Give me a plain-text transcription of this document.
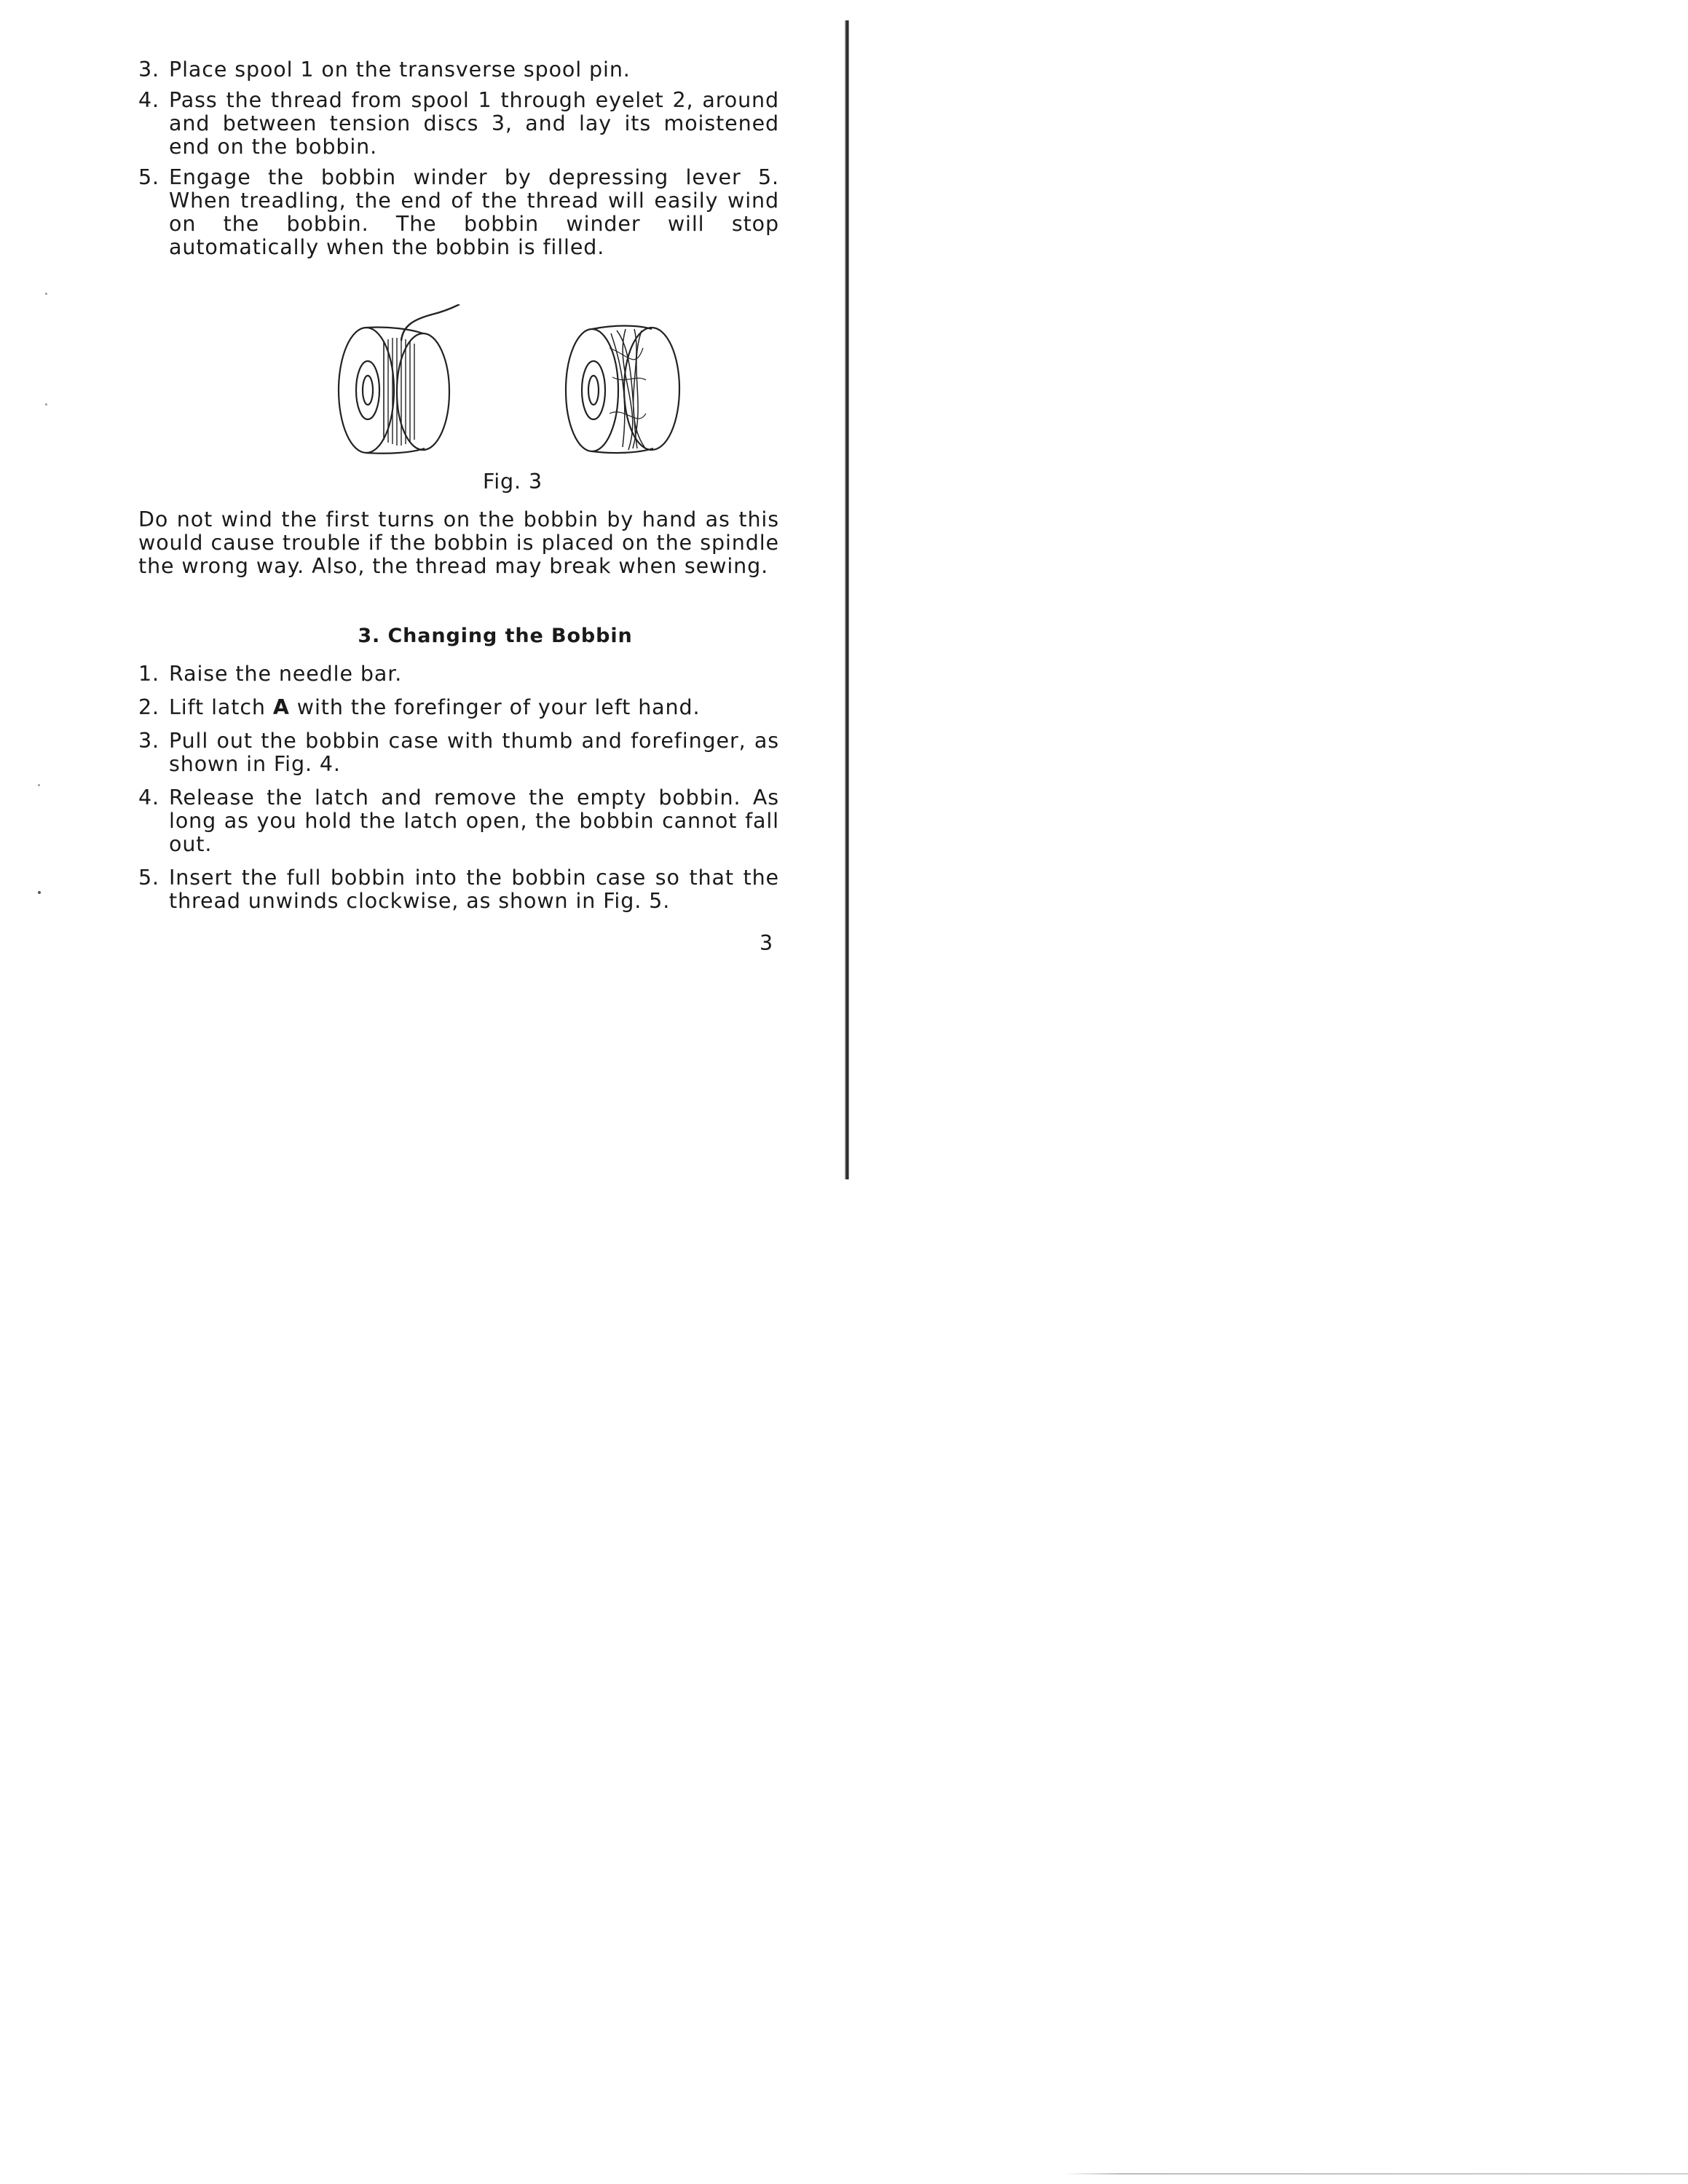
3. Place spool 1 on the transverse spool pin.
4. Pass the thread from spool 1 through eyelet 2, around and between tension discs 3, and lay its moistened end on the bobbin.
5. Engage the bobbin winder by depressing lever 5. When treadling, the end of the thread will easily wind on the bobbin. The bobbin winder will stop automatically when the bobbin is filled.
Fig. 3

Do not wind the first turns on the bobbin by hand as this would cause trouble if the bobbin is placed on the spindle the wrong way. Also, the thread may break when sewing.

3. Changing the Bobbin

1. Raise the needle bar.
2. Lift latch A with the forefinger of your left hand.
3. Pull out the bobbin case with thumb and forefinger, as shown in Fig. 4.
4. Release the latch and remove the empty bobbin. As long as you hold the latch open, the bobbin cannot fall out.
5. Insert the full bobbin into the bobbin case so that the thread unwinds clockwise, as shown in Fig. 5.

3
